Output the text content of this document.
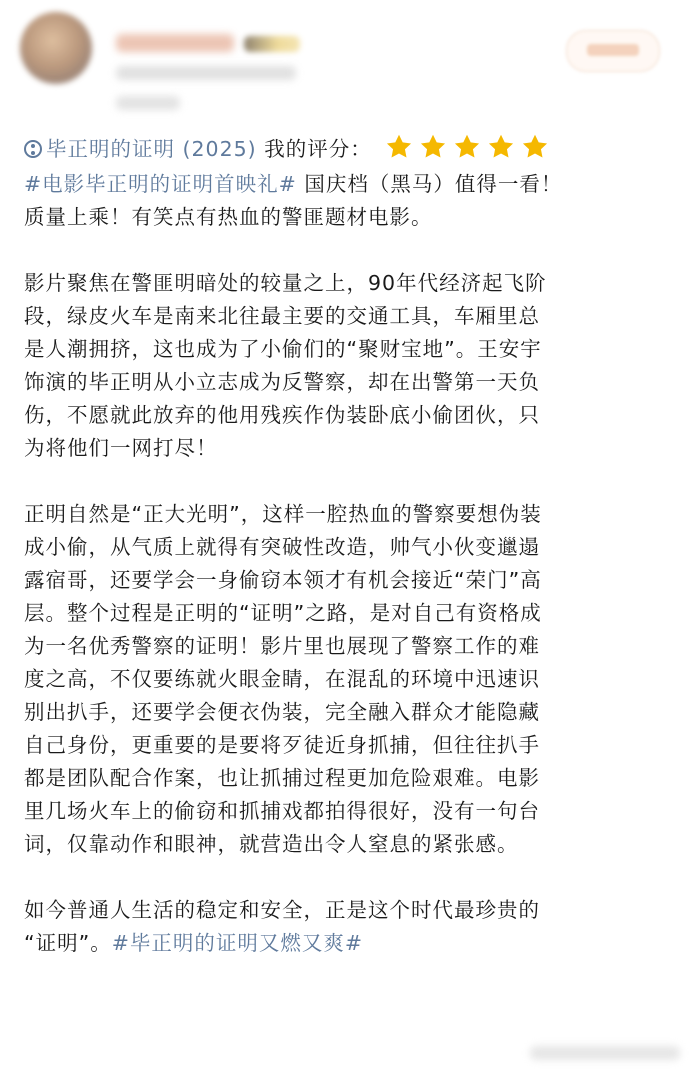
毕正明的证明 (2025) 我的评分：

#电影毕正明的证明首映礼# 国庆档（黑马）值得一看！

质量上乘！有笑点有热血的警匪题材电影。

影片聚焦在警匪明暗处的较量之上，90年代经济起飞阶

段，绿皮火车是南来北往最主要的交通工具，车厢里总

是人潮拥挤，这也成为了小偷们的“聚财宝地”。王安宇

饰演的毕正明从小立志成为反警察，却在出警第一天负

伤，不愿就此放弃的他用残疾作伪装卧底小偷团伙，只

为将他们一网打尽！

正明自然是“正大光明”，这样一腔热血的警察要想伪装

成小偷，从气质上就得有突破性改造，帅气小伙变邋遢

露宿哥，还要学会一身偷窃本领才有机会接近“荣门”高

层。整个过程是正明的“证明”之路，是对自己有资格成

为一名优秀警察的证明！影片里也展现了警察工作的难

度之高，不仅要练就火眼金睛，在混乱的环境中迅速识

别出扒手，还要学会便衣伪装，完全融入群众才能隐藏

自己身份，更重要的是要将歹徒近身抓捕，但往往扒手

都是团队配合作案，也让抓捕过程更加危险艰难。电影

里几场火车上的偷窃和抓捕戏都拍得很好，没有一句台

词，仅靠动作和眼神，就营造出令人窒息的紧张感。

如今普通人生活的稳定和安全，正是这个时代最珍贵的

“证明”。#毕正明的证明又燃又爽#
